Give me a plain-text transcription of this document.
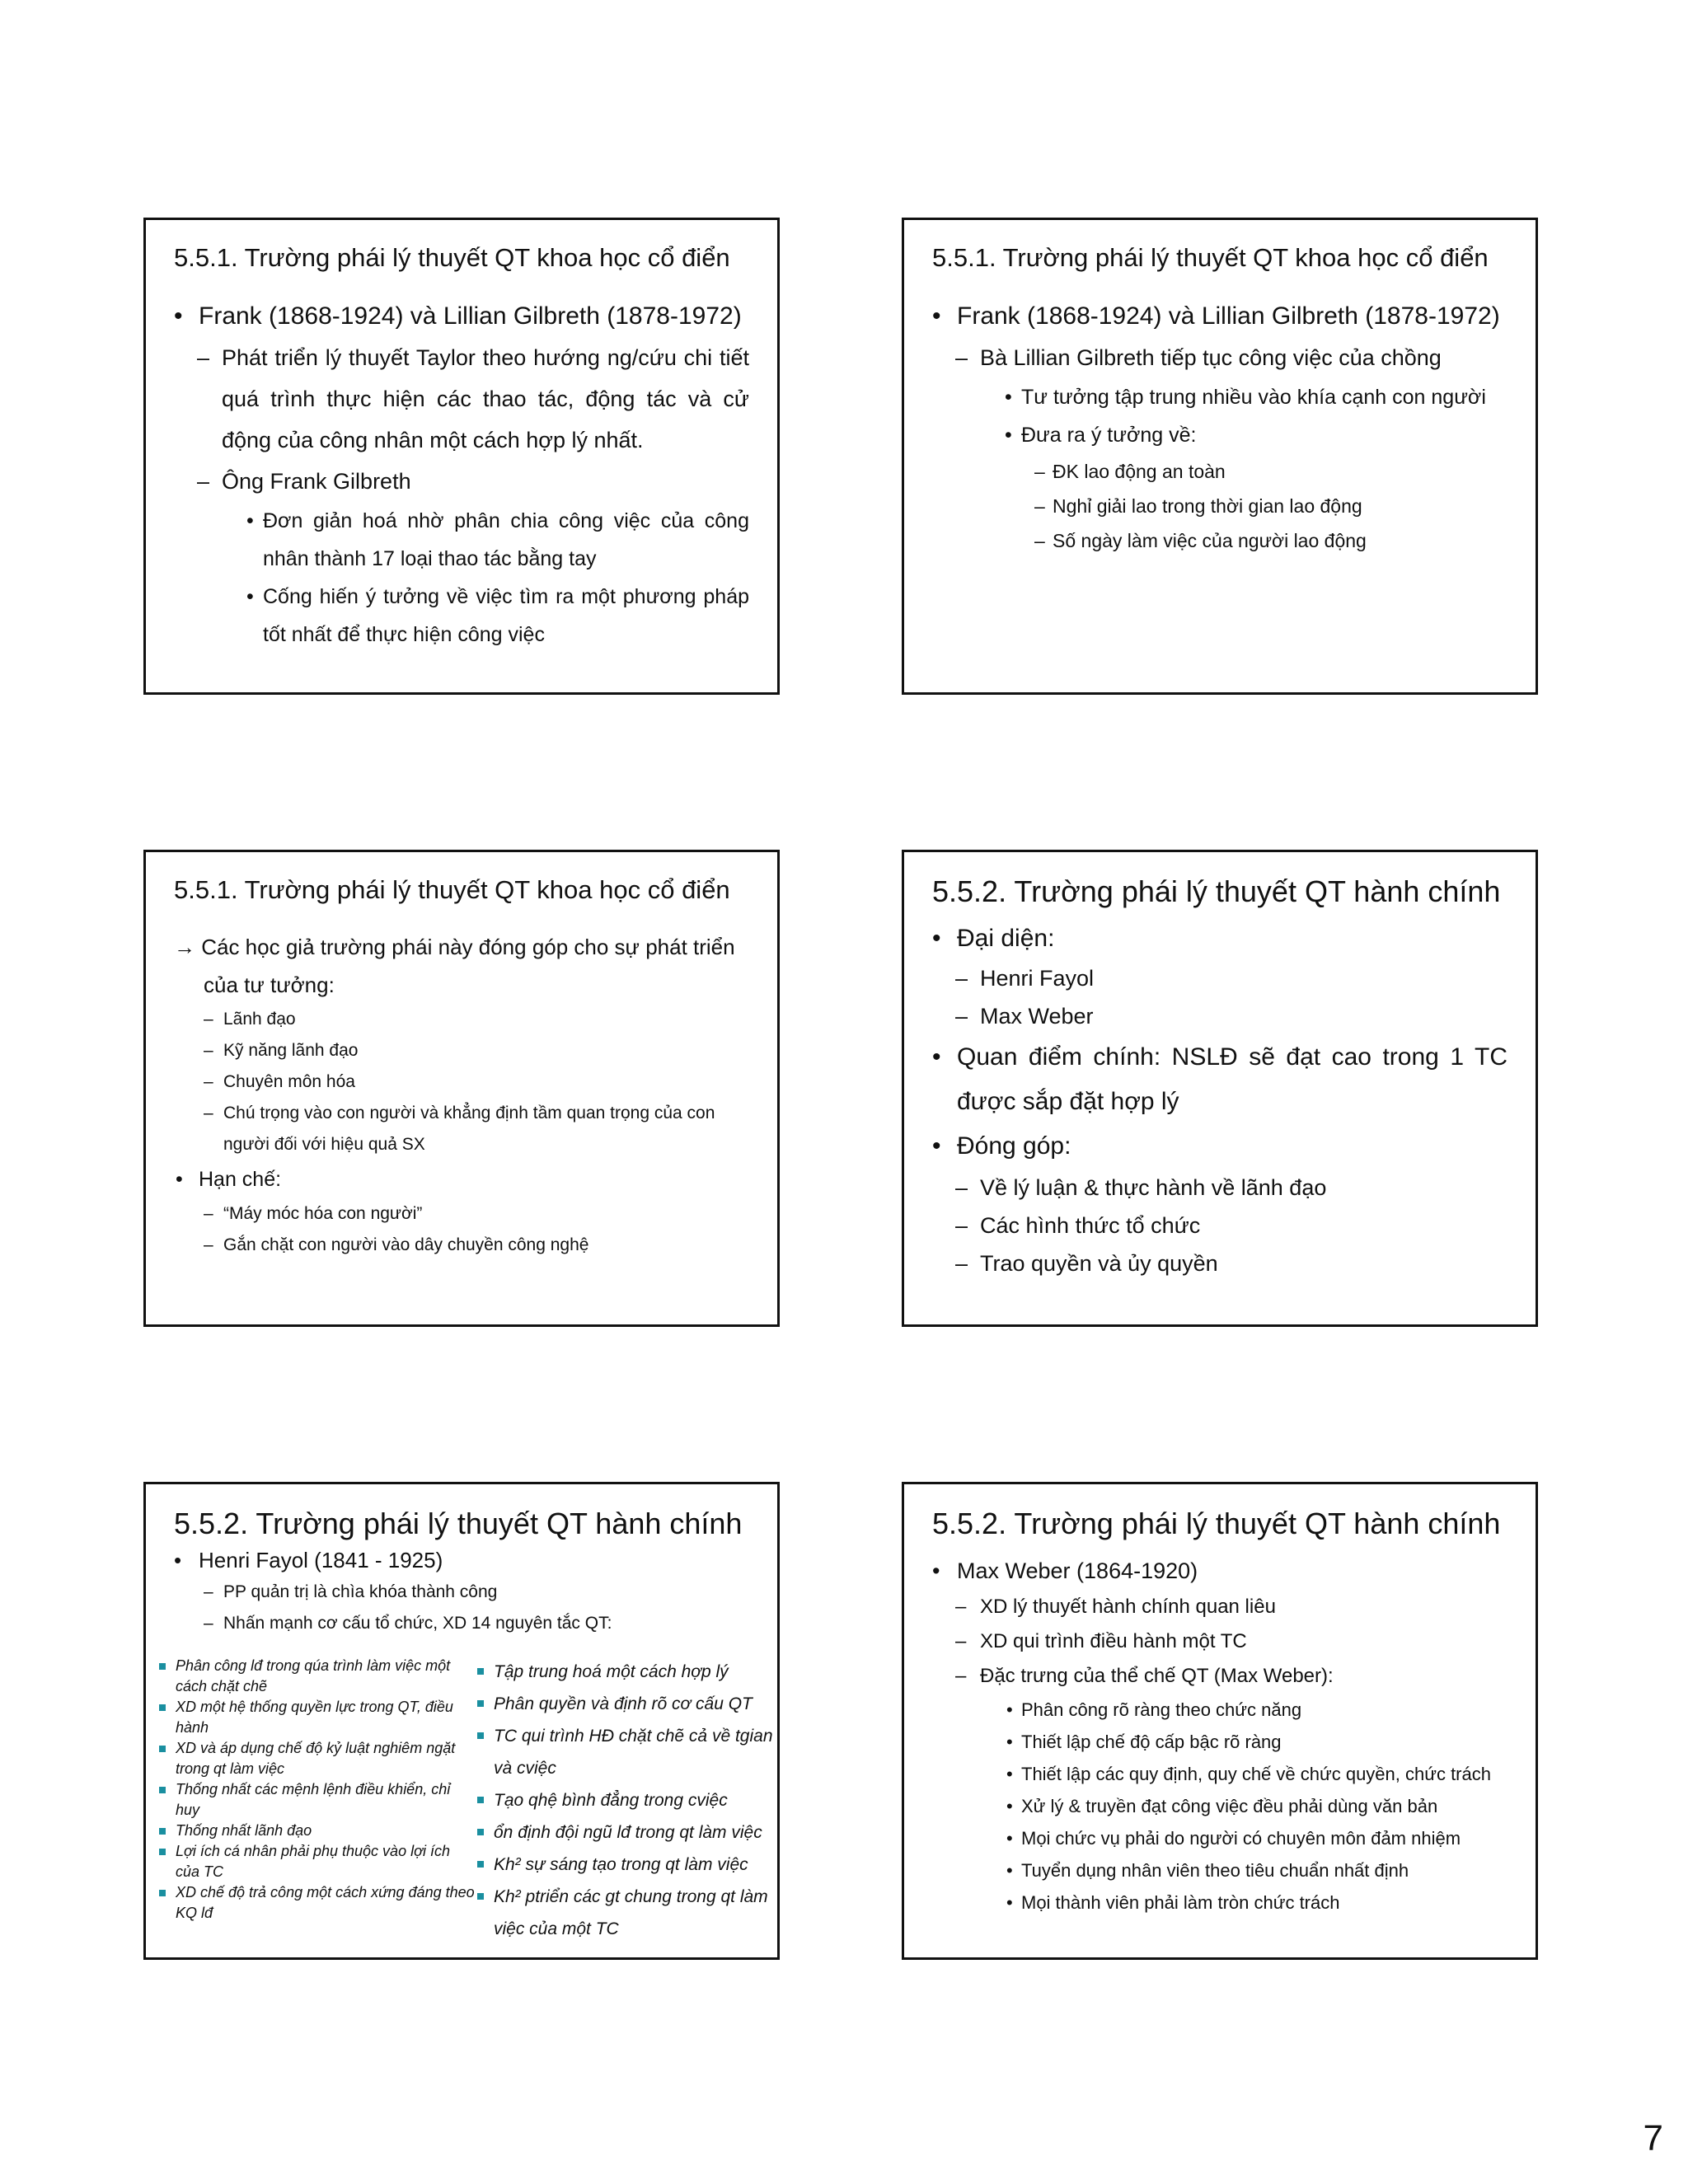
5.5.1. Trường phái lý thuyết QT khoa học cổ điển
• Frank (1868-1924) và Lillian Gilbreth (1878-1972)
– Phát triển lý thuyết Taylor theo hướng ng/cứu chi tiết quá trình thực hiện các thao tác, động tác và cử động của công nhân một cách hợp lý nhất.
– Ông Frank Gilbreth
• Đơn giản hoá nhờ phân chia công việc của công nhân thành 17 loại thao tác bằng tay
• Cống hiến ý tưởng về việc tìm ra một phương pháp tốt nhất để thực hiện công việc
5.5.1. Trường phái lý thuyết QT khoa học cổ điển
• Frank (1868-1924) và Lillian Gilbreth (1878-1972)
– Bà Lillian Gilbreth tiếp tục công việc của chồng
• Tư tưởng tập trung nhiều vào khía cạnh con người
• Đưa ra ý tưởng về:
– ĐK lao động an toàn
– Nghỉ giải lao trong thời gian lao động
– Số ngày làm việc của người lao động
5.5.1. Trường phái lý thuyết QT khoa học cổ điển
→ Các học giả trường phái này đóng góp cho sự phát triển của tư tưởng:
– Lãnh đạo
– Kỹ năng lãnh đạo
– Chuyên môn hóa
– Chú trọng vào con người và khẳng định tầm quan trọng của con người đối với hiệu quả SX
• Hạn chế:
– “Máy móc hóa con người”
– Gắn chặt con người vào dây chuyền công nghệ
5.5.2. Trường phái lý thuyết QT hành chính
• Đại diện:
– Henri Fayol
– Max Weber
• Quan điểm chính: NSLĐ sẽ đạt cao trong 1 TC được sắp đặt hợp lý
• Đóng góp:
– Về lý luận & thực hành về lãnh đạo
– Các hình thức tổ chức
– Trao quyền và ủy quyền
5.5.2. Trường phái lý thuyết QT hành chính
• Henri Fayol (1841 - 1925)
– PP quản trị là chìa khóa thành công
– Nhấn mạnh cơ cấu tổ chức, XD 14 nguyên tắc QT:
Phân công lđ trong qúa trình làm việc một cách chặt chẽ
XD một hệ thống quyền lực trong QT, điều hành
XD và áp dụng chế độ kỷ luật nghiêm ngặt trong qt làm việc
Thống nhất các mệnh lệnh điều khiển, chỉ huy
Thống nhất lãnh đạo
Lợi ích cá nhân phải phụ thuộc vào lợi ích của TC
XD chế độ trả công một cách xứng đáng theo KQ lđ
Tập trung hoá một cách hợp lý
Phân quyền và định rõ cơ cấu QT
TC qui trình HĐ chặt chẽ cả về tgian và cviệc
Tạo qhệ bình đẳng trong cviệc
ổn định đội ngũ lđ trong qt làm việc
Kh² sự sáng tạo trong qt làm việc
Kh² ptriển các gt chung trong qt làm việc của một TC
5.5.2. Trường phái lý thuyết QT hành chính
• Max Weber (1864-1920)
– XD lý thuyết hành chính quan liêu
– XD qui trình điều hành một TC
– Đặc trưng của thể chế QT (Max Weber):
• Phân công rõ ràng theo chức năng
• Thiết lập chế độ cấp bậc rõ ràng
• Thiết lập các quy định, quy chế về chức quyền, chức trách
• Xử lý & truyền đạt công việc đều phải dùng văn bản
• Mọi chức vụ phải do người có chuyên môn đảm nhiệm
• Tuyển dụng nhân viên theo tiêu chuẩn nhất định
• Mọi thành viên phải làm tròn chức trách
7
